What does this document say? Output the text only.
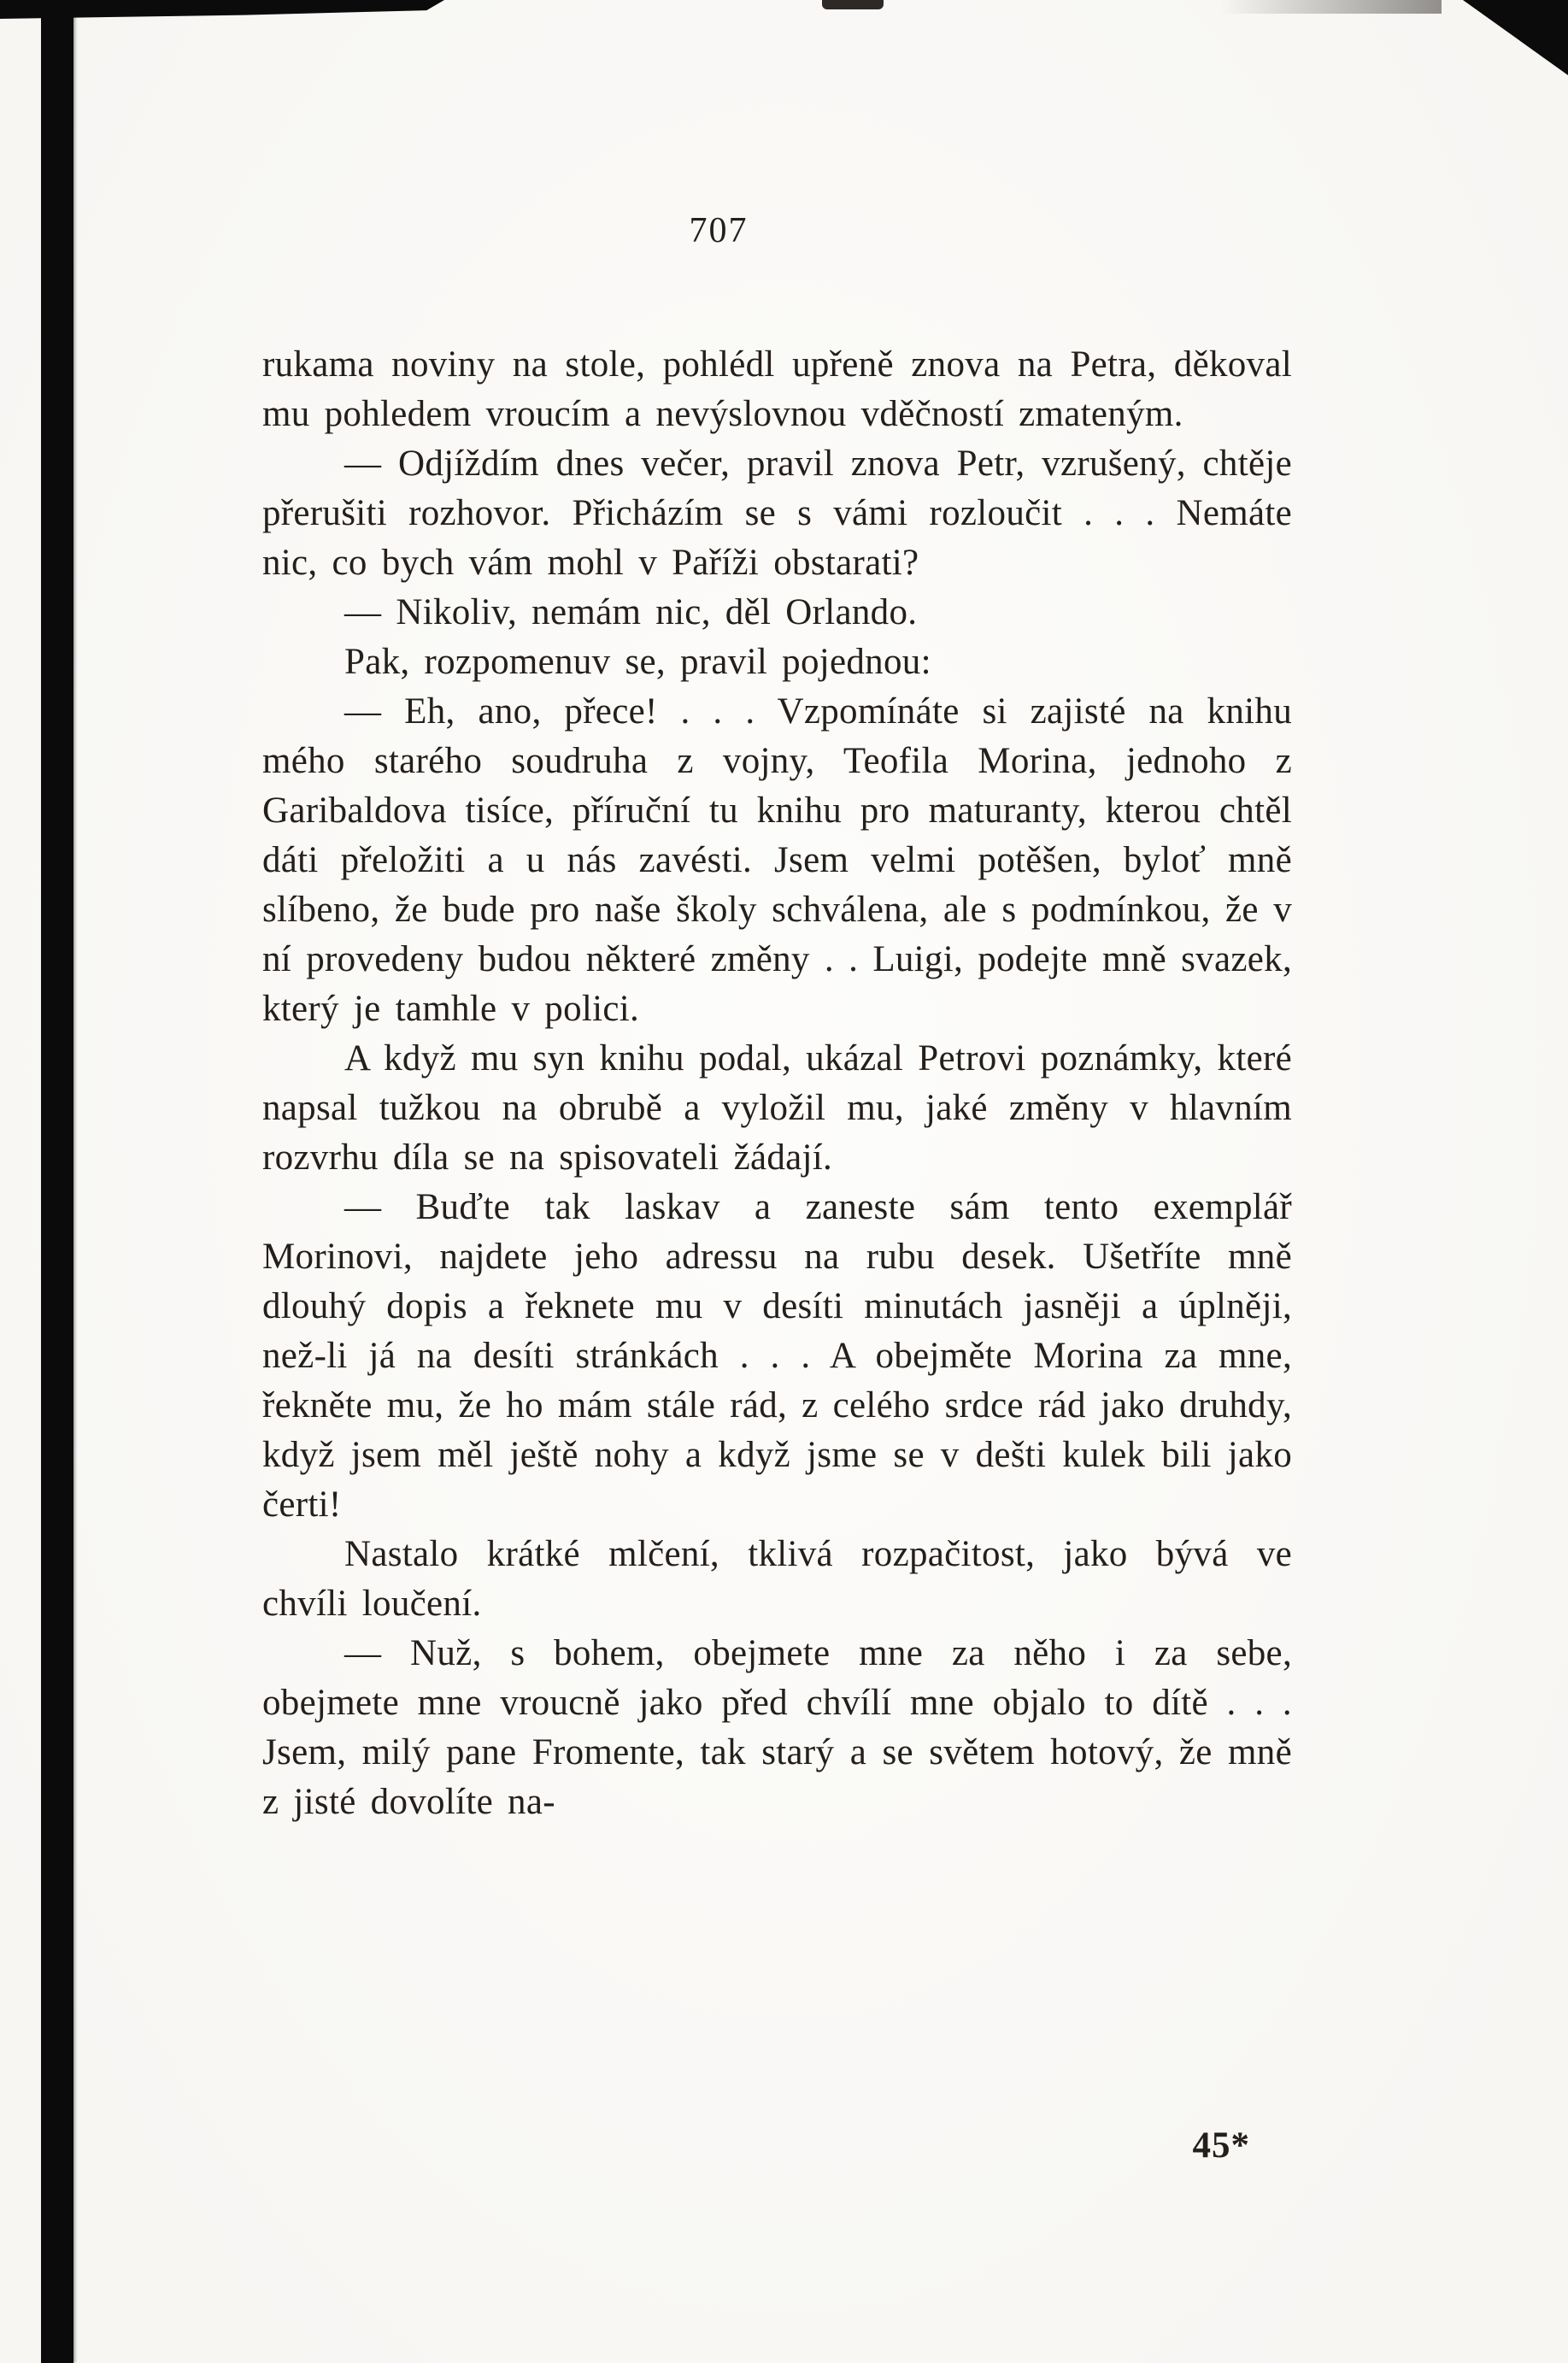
707

rukama noviny na stole, pohlédl upřeně znova na Petra, děkoval mu pohledem vroucím a nevýslovnou vděčností zmateným.

— Odjíždím dnes večer, pravil znova Petr, vzrušený, chtěje přerušiti rozhovor. Přicházím se s vámi rozloučit . . . Nemáte nic, co bych vám mohl v Paříži obstarati?

— Nikoliv, nemám nic, děl Orlando.

Pak, rozpomenuv se, pravil pojednou:

— Eh, ano, přece! . . . Vzpomínáte si zajisté na knihu mého starého soudruha z vojny, Teofila Morina, jednoho z Garibaldova tisíce, příruční tu knihu pro maturanty, kterou chtěl dáti přeložiti a u nás zavésti. Jsem velmi potěšen, byloť mně slíbeno, že bude pro naše školy schválena, ale s podmínkou, že v ní provedeny budou některé změny . . Luigi, podejte mně svazek, který je tamhle v polici.

A když mu syn knihu podal, ukázal Petrovi poznámky, které napsal tužkou na obrubě a vyložil mu, jaké změny v hlavním rozvrhu díla se na spisovateli žádají.

— Buďte tak laskav a zaneste sám tento exemplář Morinovi, najdete jeho adressu na rubu desek. Ušetříte mně dlouhý dopis a řeknete mu v desíti minutách jasněji a úplněji, než-li já na desíti stránkách . . . A obejměte Morina za mne, řekněte mu, že ho mám stále rád, z celého srdce rád jako druhdy, když jsem měl ještě nohy a když jsme se v dešti kulek bili jako čerti!

Nastalo krátké mlčení, tklivá rozpačitost, jako bývá ve chvíli loučení.

— Nuž, s bohem, obejmete mne za něho i za sebe, obejmete mne vroucně jako před chvílí mne objalo to dítě . . . Jsem, milý pane Fromente, tak starý a se světem hotový, že mně z jisté dovolíte na-

45*
